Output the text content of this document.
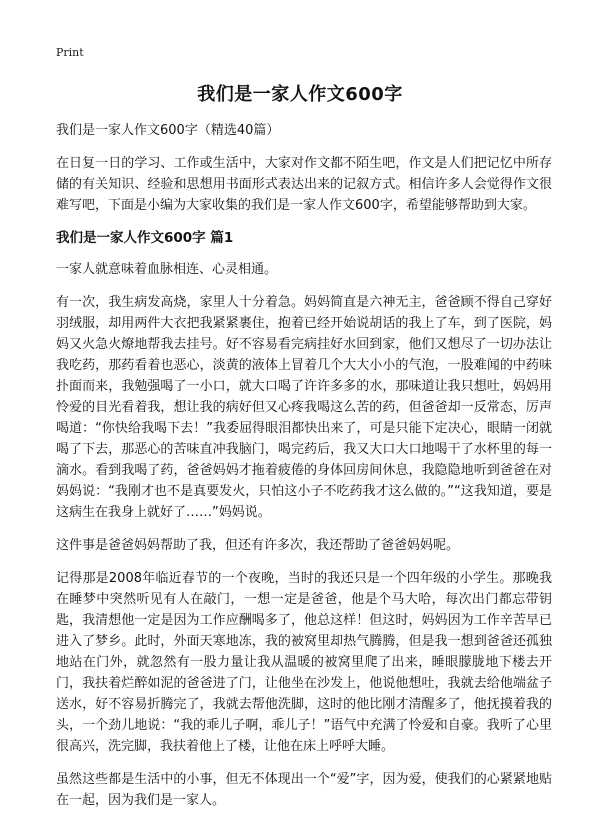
Print
我们是一家人作文600字

我们是一家人作文600字（精选40篇）

在日复一日的学习、工作或生活中，大家对作文都不陌生吧，作文是人们把记忆中所存储的有关知识、经验和思想用书面形式表达出来的记叙方式。相信许多人会觉得作文很难写吧，下面是小编为大家收集的我们是一家人作文600字，希望能够帮助到大家。

我们是一家人作文600字 篇1

一家人就意味着血脉相连、心灵相通。

有一次，我生病发高烧，家里人十分着急。妈妈简直是六神无主，爸爸顾不得自己穿好羽绒服，却用两件大衣把我紧紧裹住，抱着已经开始说胡话的我上了车，到了医院，妈妈又火急火燎地帮我去挂号。好不容易看完病挂好水回到家，他们又想尽了一切办法让我吃药，那药看着也恶心，淡黄的液体上冒着几个大大小小的气泡，一股难闻的中药味扑面而来，我勉强喝了一小口，就大口喝了许许多多的水，那味道让我只想吐，妈妈用怜爱的目光看着我，想让我的病好但又心疼我喝这么苦的药，但爸爸却一反常态，厉声喝道：“你快给我喝下去！”我委屈得眼泪都快出来了，可是只能下定决心，眼睛一闭就喝了下去，那恶心的苦味直冲我脑门，喝完药后，我又大口大口地喝干了水杯里的每一滴水。看到我喝了药，爸爸妈妈才拖着疲倦的身体回房间休息，我隐隐地听到爸爸在对妈妈说：“我刚才也不是真要发火，只怕这小子不吃药我才这么做的。”“这我知道，要是这病生在我身上就好了……”妈妈说。

这件事是爸爸妈妈帮助了我，但还有许多次，我还帮助了爸爸妈妈呢。

记得那是2008年临近春节的一个夜晚，当时的我还只是一个四年级的小学生。那晚我在睡梦中突然听见有人在敲门，一想一定是爸爸，他是个马大哈，每次出门都忘带钥匙，我清想他一定是因为工作应酬喝多了，他总这样！但这时，妈妈因为工作辛苦早已进入了梦乡。此时，外面天寒地冻，我的被窝里却热气腾腾，但是我一想到爸爸还孤独地站在门外，就忽然有一股力量让我从温暖的被窝里爬了出来，睡眼朦胧地下楼去开门，我扶着烂醉如泥的爸爸进了门，让他坐在沙发上，他说他想吐，我就去给他端盆子送水，好不容易折腾完了，我就去帮他洗脚，这时的他比刚才清醒多了，他抚摸着我的头，一个劲儿地说：“我的乖儿子啊，乖儿子！”语气中充满了怜爱和自豪。我听了心里很高兴，洗完脚，我扶着他上了楼，让他在床上呼呼大睡。

虽然这些都是生活中的小事，但无不体现出一个“爱”字，因为爱，使我们的心紧紧地贴在一起，因为我们是一家人。
